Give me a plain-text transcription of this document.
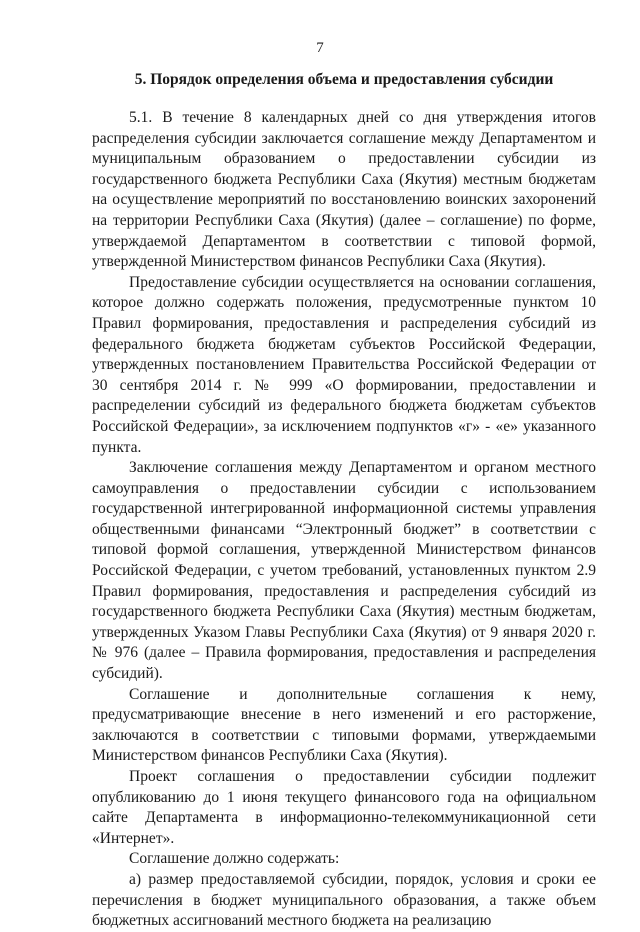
7
5. Порядок определения объема и предоставления субсидии

5.1. В течение 8 календарных дней со дня утверждения итогов распределения субсидии заключается соглашение между Департаментом и муниципальным образованием о предоставлении субсидии из государственного бюджета Республики Саха (Якутия) местным бюджетам на осуществление мероприятий по восстановлению воинских захоронений на территории Республики Саха (Якутия) (далее – соглашение) по форме, утверждаемой Департаментом в соответствии с типовой формой, утвержденной Министерством финансов Республики Саха (Якутия).

Предоставление субсидии осуществляется на основании соглашения, которое должно содержать положения, предусмотренные пунктом 10 Правил формирования, предоставления и распределения субсидий из федерального бюджета бюджетам субъектов Российской Федерации, утвержденных постановлением Правительства Российской Федерации от 30 сентября 2014 г. № 999 «О формировании, предоставлении и распределении субсидий из федерального бюджета бюджетам субъектов Российской Федерации», за исключением подпунктов «г» - «е» указанного пункта.

Заключение соглашения между Департаментом и органом местного самоуправления о предоставлении субсидии с использованием государственной интегрированной информационной системы управления общественными финансами “Электронный бюджет” в соответствии с типовой формой соглашения, утвержденной Министерством финансов Российской Федерации, с учетом требований, установленных пунктом 2.9 Правил формирования, предоставления и распределения субсидий из государственного бюджета Республики Саха (Якутия) местным бюджетам, утвержденных Указом Главы Республики Саха (Якутия) от 9 января 2020 г. № 976 (далее – Правила формирования, предоставления и распределения субсидий).

Соглашение и дополнительные соглашения к нему, предусматривающие внесение в него изменений и его расторжение, заключаются в соответствии с типовыми формами, утверждаемыми Министерством финансов Республики Саха (Якутия).

Проект соглашения о предоставлении субсидии подлежит опубликованию до 1 июня текущего финансового года на официальном сайте Департамента в информационно-телекоммуникационной сети «Интернет».

Соглашение должно содержать:

а) размер предоставляемой субсидии, порядок, условия и сроки ее перечисления в бюджет муниципального образования, а также объем бюджетных ассигнований местного бюджета на реализацию
